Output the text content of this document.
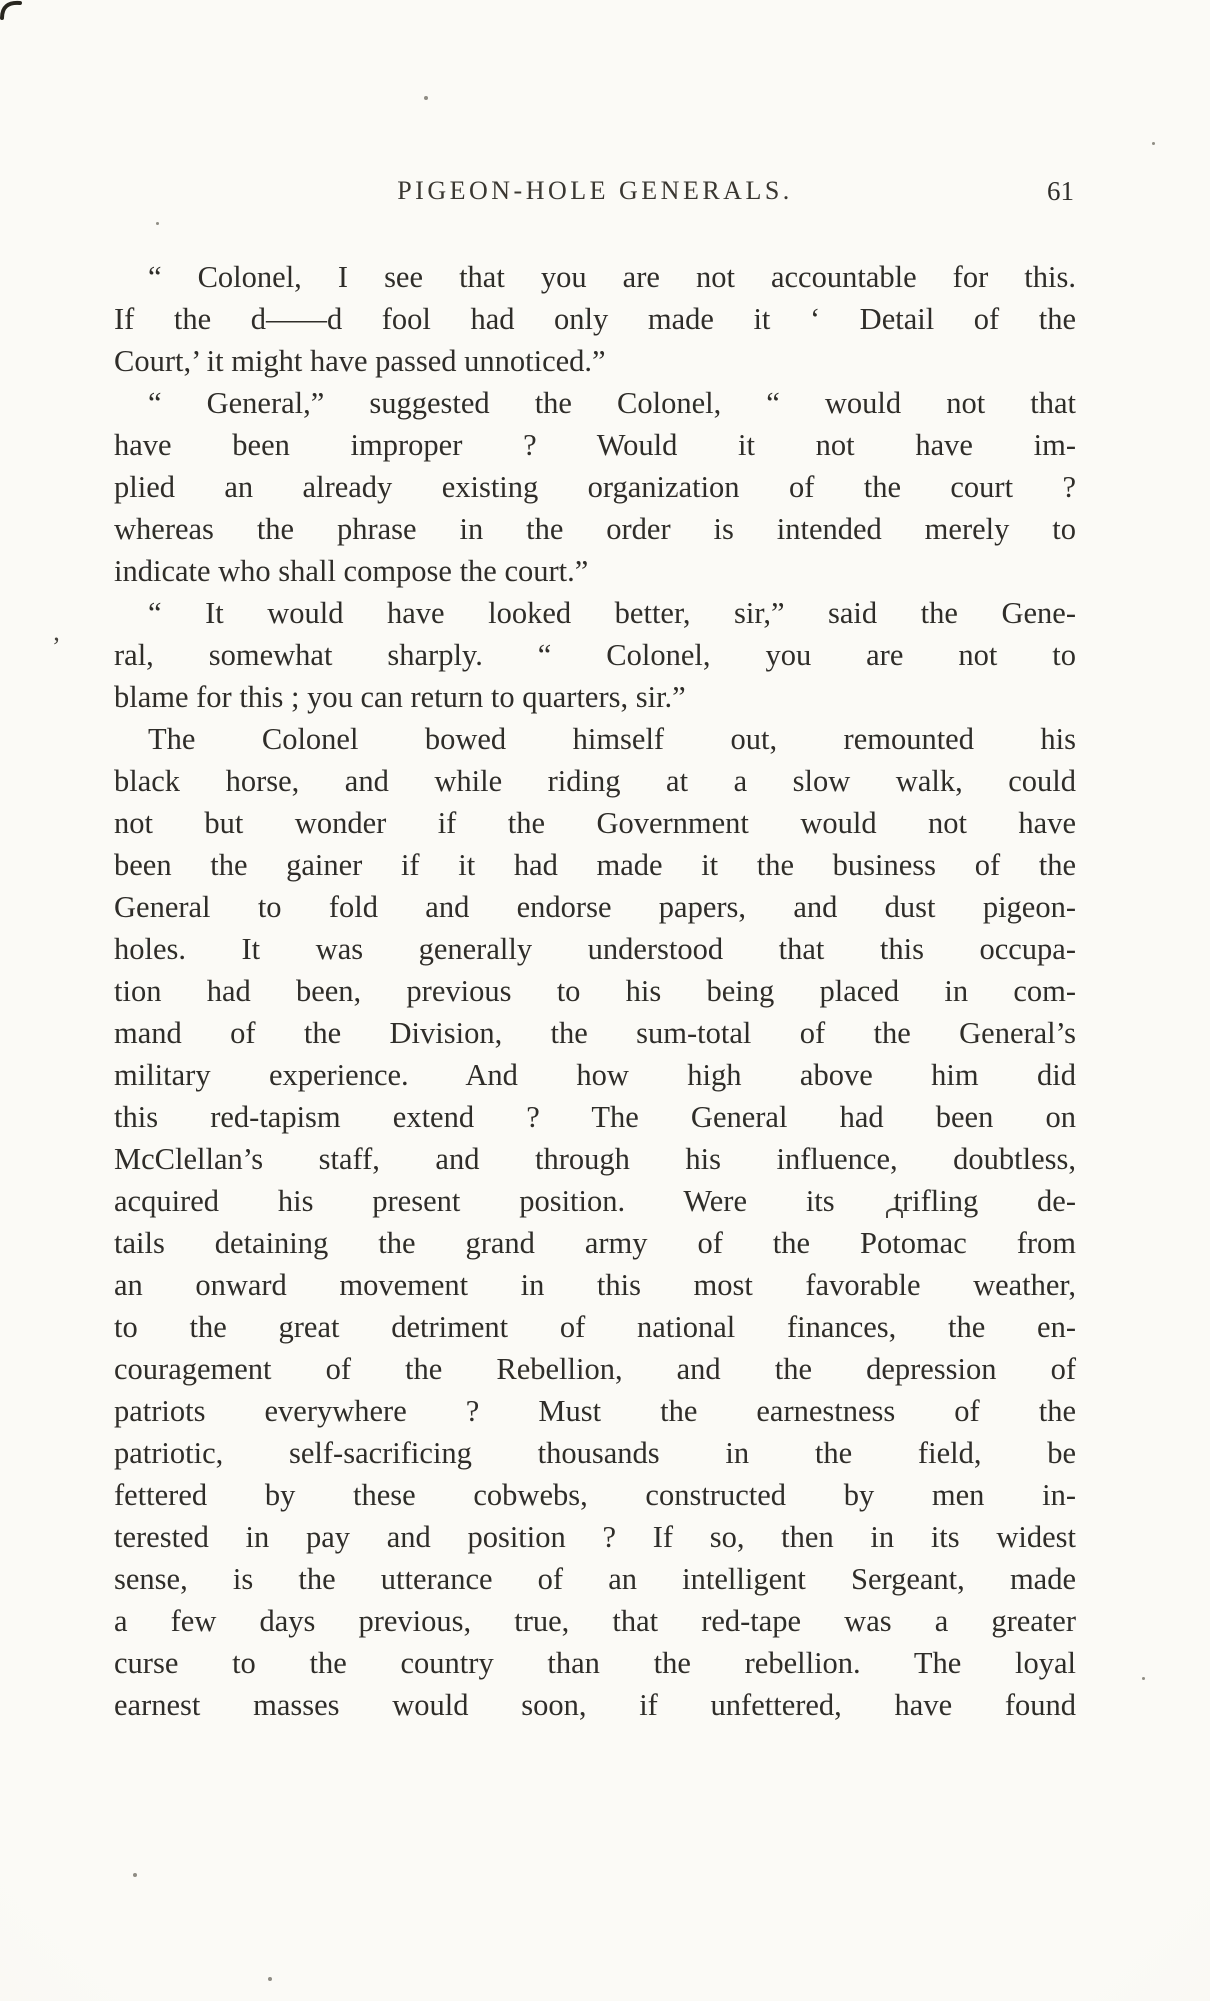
PIGEON-HOLE GENERALS.	61
“ Colonel, I see that you are not accountable for this.
If the d——d fool had only made it ‘ Detail of the
Court,’ it might have passed unnoticed.”
“ General,” suggested the Colonel, “ would not that
have been improper ? Would it not have im-
plied an already existing organization of the court ?
whereas the phrase in the order is intended merely to
indicate who shall compose the court.”
“ It would have looked better, sir,” said the Gene-
ral, somewhat sharply. “ Colonel, you are not to
blame for this ; you can return to quarters, sir.”
The Colonel bowed himself out, remounted his
black horse, and while riding at a slow walk, could
not but wonder if the Government would not have
been the gainer if it had made it the business of the
General to fold and endorse papers, and dust pigeon-
holes. It was generally understood that this occupa-
tion had been, previous to his being placed in com-
mand of the Division, the sum-total of the General’s
military experience. And how high above him did
this red-tapism extend ? The General had been on
McClellan’s staff, and through his influence, doubtless,
acquired his present position. Were its trifling de-
tails detaining the grand army of the Potomac from
an onward movement in this most favorable weather,
to the great detriment of national finances, the en-
couragement of the Rebellion, and the depression of
patriots everywhere ? Must the earnestness of the
patriotic, self-sacrificing thousands in the field, be
fettered by these cobwebs, constructed by men in-
terested in pay and position ? If so, then in its widest
sense, is the utterance of an intelligent Sergeant, made
a few days previous, true, that red-tape was a greater
curse to the country than the rebellion. The loyal
earnest masses would soon, if unfettered, have found
’
